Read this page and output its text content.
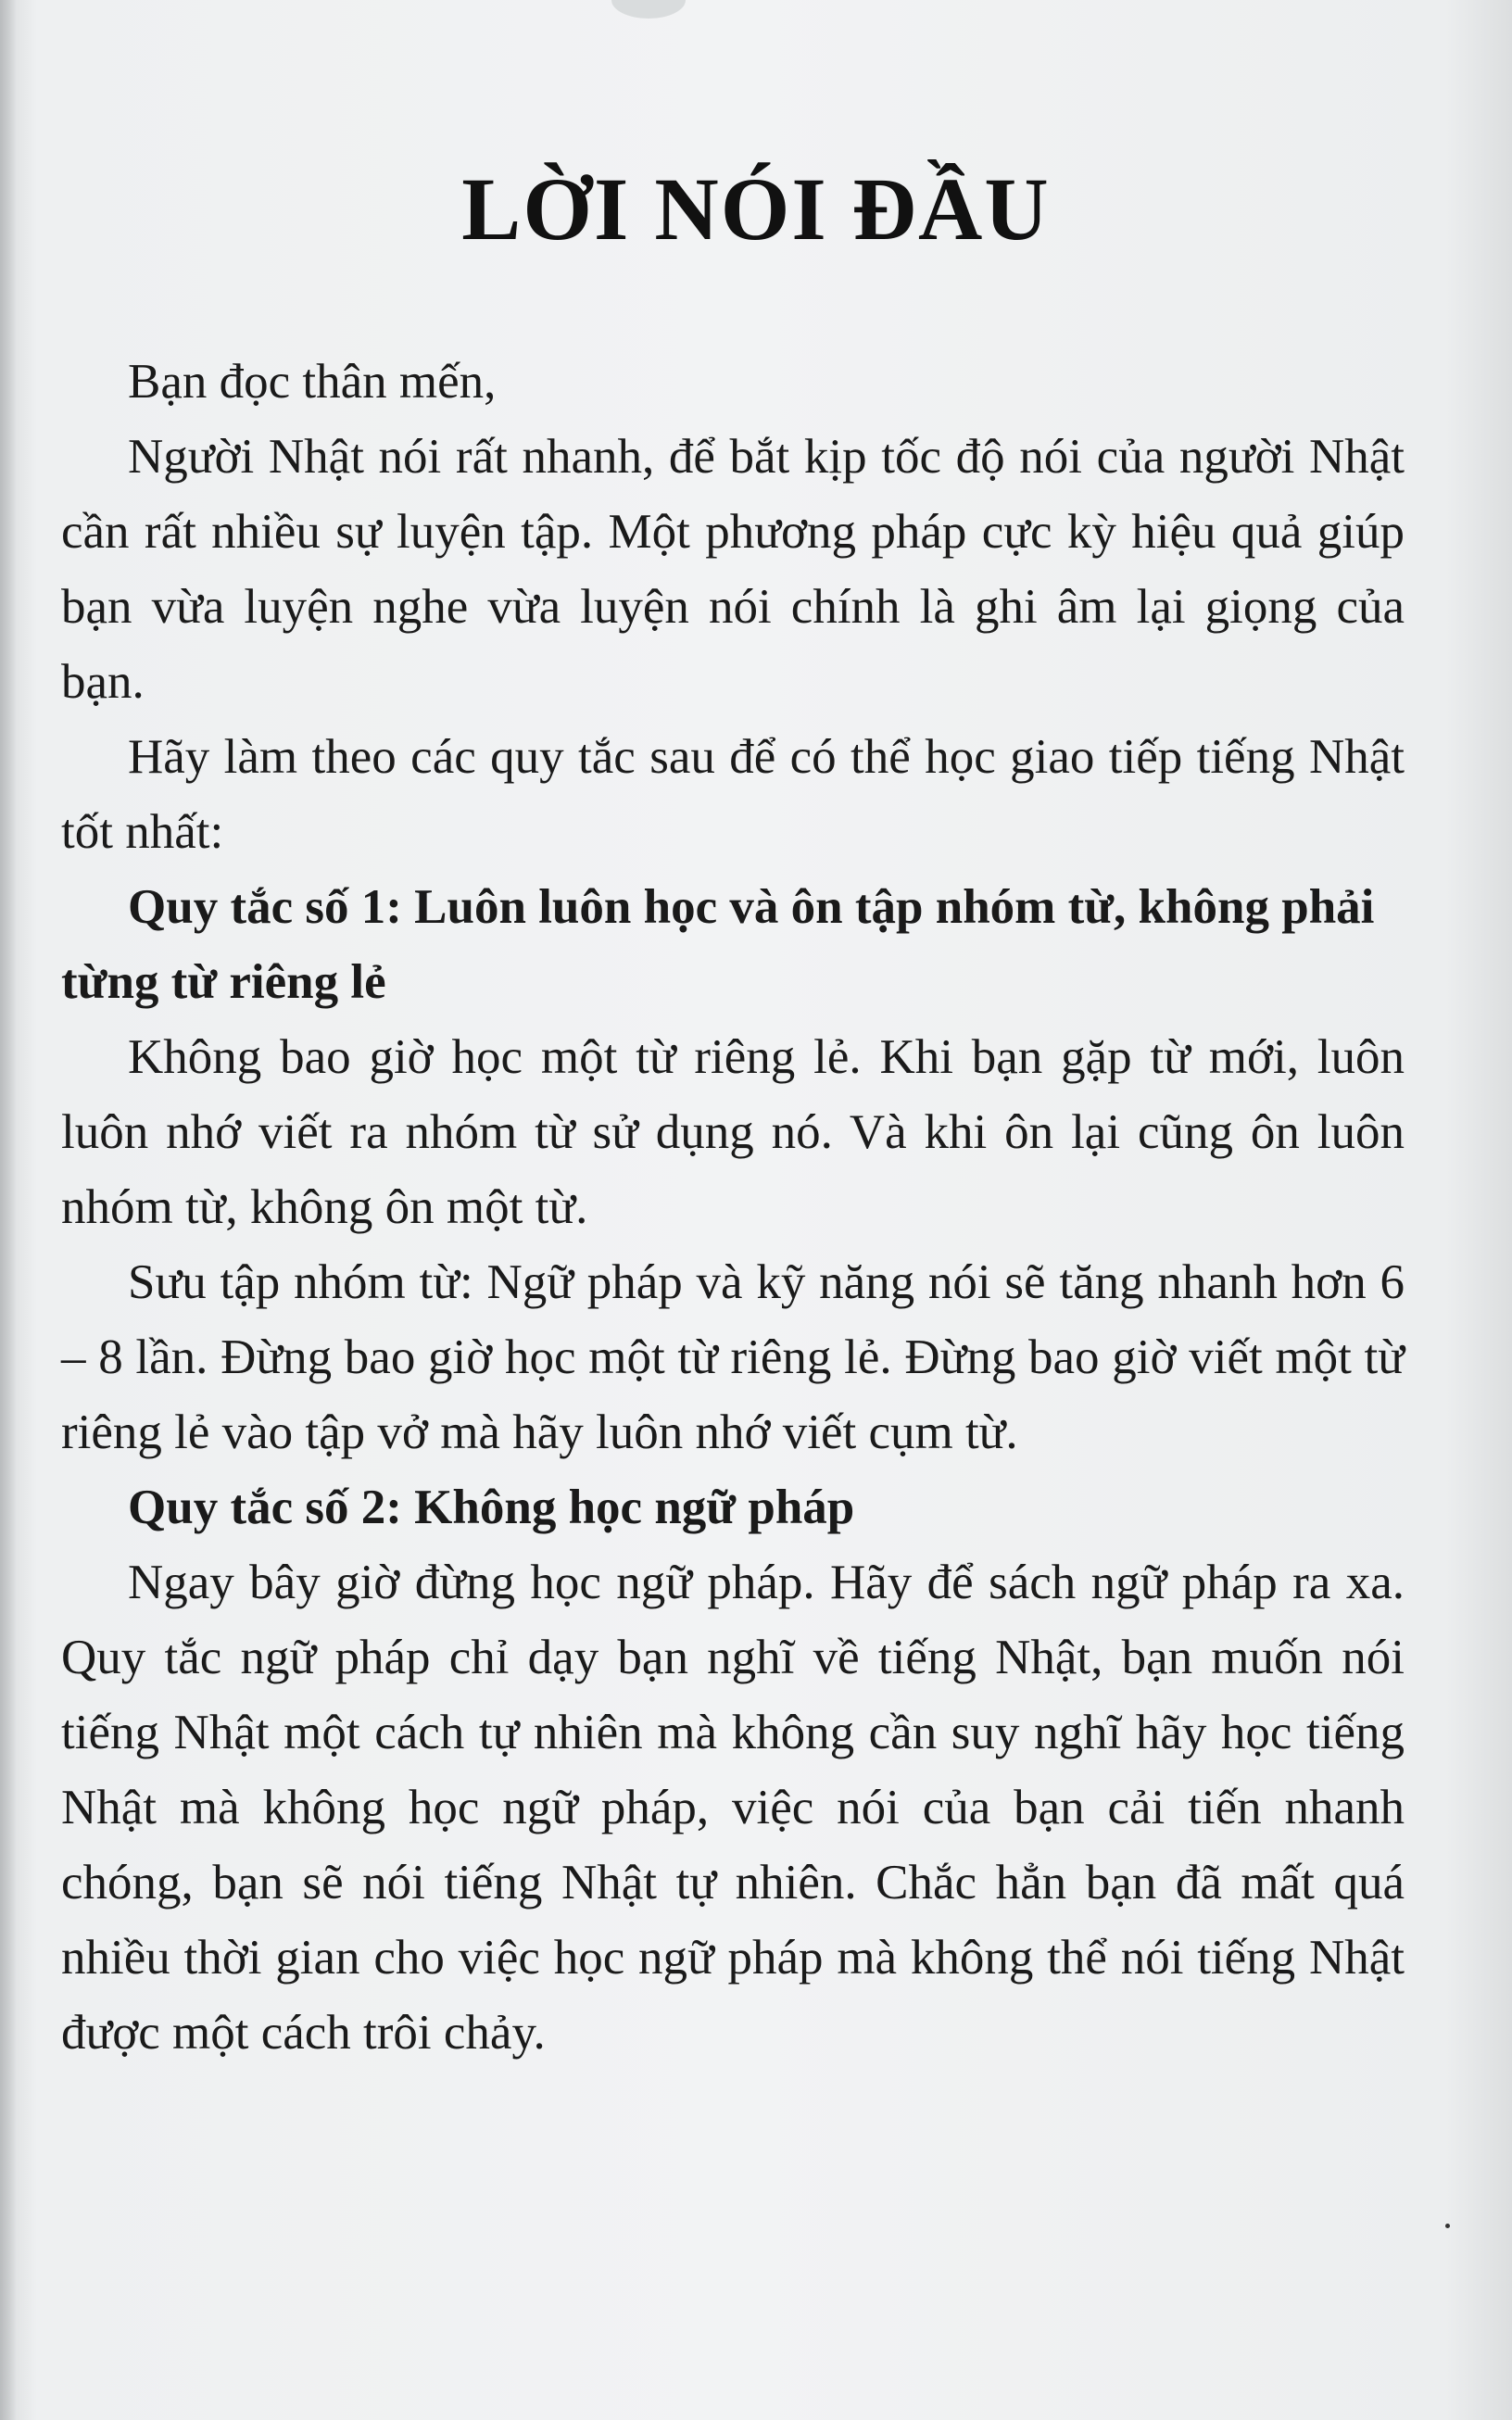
LỜI NÓI ĐẦU

Bạn đọc thân mến,

Người Nhật nói rất nhanh, để bắt kịp tốc độ nói của người Nhật cần rất nhiều sự luyện tập. Một phương pháp cực kỳ hiệu quả giúp bạn vừa luyện nghe vừa luyện nói chính là ghi âm lại giọng của bạn.

Hãy làm theo các quy tắc sau để có thể học giao tiếp tiếng Nhật tốt nhất:

Quy tắc số 1: Luôn luôn học và ôn tập nhóm từ, không phải từng từ riêng lẻ

Không bao giờ học một từ riêng lẻ. Khi bạn gặp từ mới, luôn luôn nhớ viết ra nhóm từ sử dụng nó. Và khi ôn lại cũng ôn luôn nhóm từ, không ôn một từ.

Sưu tập nhóm từ: Ngữ pháp và kỹ năng nói sẽ tăng nhanh hơn 6 – 8 lần. Đừng bao giờ học một từ riêng lẻ. Đừng bao giờ viết một từ riêng lẻ vào tập vở mà hãy luôn nhớ viết cụm từ.

Quy tắc số 2: Không học ngữ pháp

Ngay bây giờ đừng học ngữ pháp. Hãy để sách ngữ pháp ra xa. Quy tắc ngữ pháp chỉ dạy bạn nghĩ về tiếng Nhật, bạn muốn nói tiếng Nhật một cách tự nhiên mà không cần suy nghĩ hãy học tiếng Nhật mà không học ngữ pháp, việc nói của bạn cải tiến nhanh chóng, bạn sẽ nói tiếng Nhật tự nhiên. Chắc hẳn bạn đã mất quá nhiều thời gian cho việc học ngữ pháp mà không thể nói tiếng Nhật được một cách trôi chảy.
